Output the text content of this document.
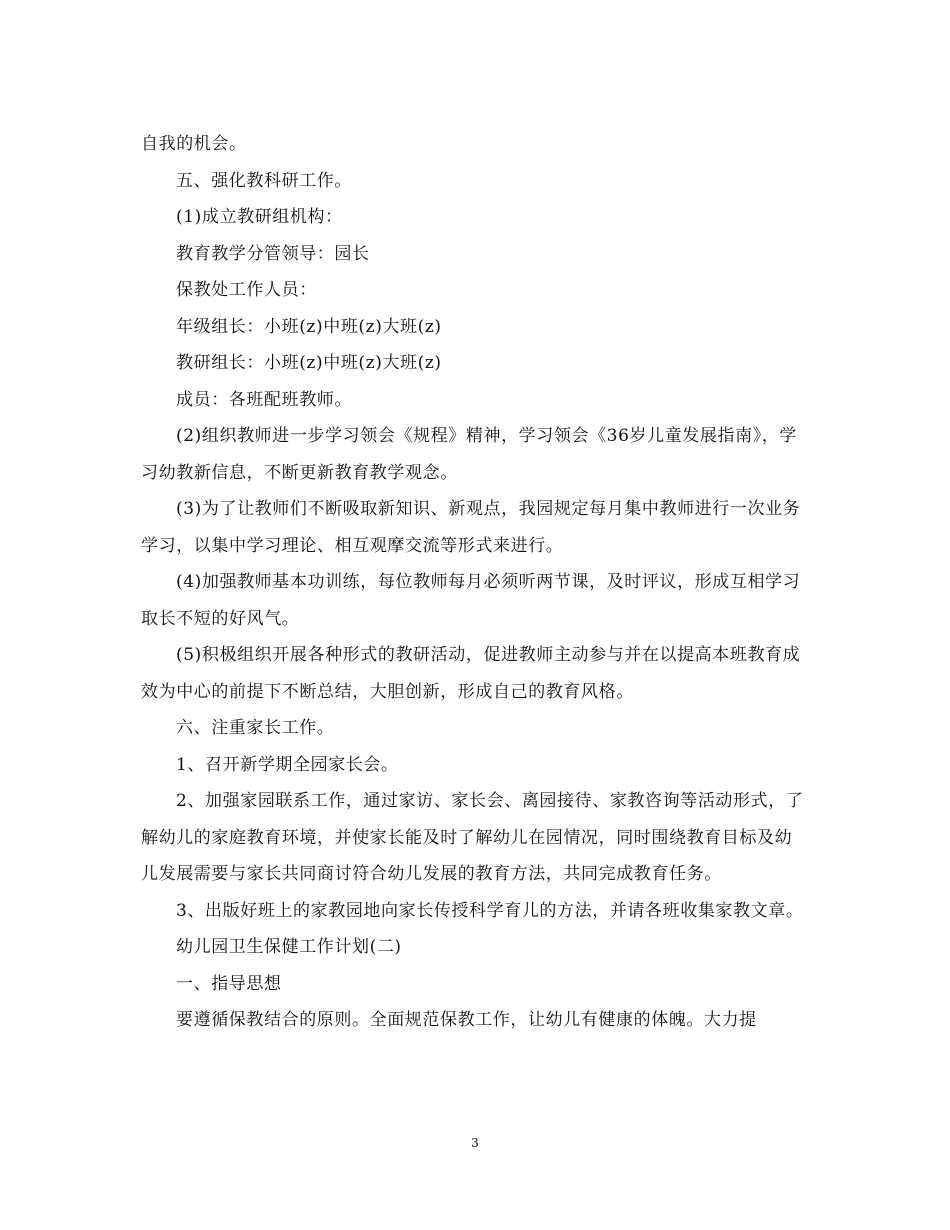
自我的机会。

五、强化教科研工作。

(1)成立教研组机构：

教育教学分管领导：园长

保教处工作人员：

年级组长：小班(z)中班(z)大班(z)

教研组长：小班(z)中班(z)大班(z)

成员：各班配班教师。

(2)组织教师进一步学习领会《规程》精神，学习领会《36岁儿童发展指南》，学习幼教新信息，不断更新教育教学观念。

(3)为了让教师们不断吸取新知识、新观点，我园规定每月集中教师进行一次业务学习，以集中学习理论、相互观摩交流等形式来进行。

(4)加强教师基本功训练，每位教师每月必须听两节课，及时评议，形成互相学习取长不短的好风气。

(5)积极组织开展各种形式的教研活动，促进教师主动参与并在以提高本班教育成效为中心的前提下不断总结，大胆创新，形成自己的教育风格。

六、注重家长工作。

1、召开新学期全园家长会。

2、加强家园联系工作，通过家访、家长会、离园接待、家教咨询等活动形式，了解幼儿的家庭教育环境，并使家长能及时了解幼儿在园情况，同时围绕教育目标及幼儿发展需要与家长共同商讨符合幼儿发展的教育方法，共同完成教育任务。

3、出版好班上的家教园地向家长传授科学育儿的方法，并请各班收集家教文章。

幼儿园卫生保健工作计划(二)

一、指导思想

要遵循保教结合的原则。全面规范保教工作，让幼儿有健康的体魄。大力提

3
